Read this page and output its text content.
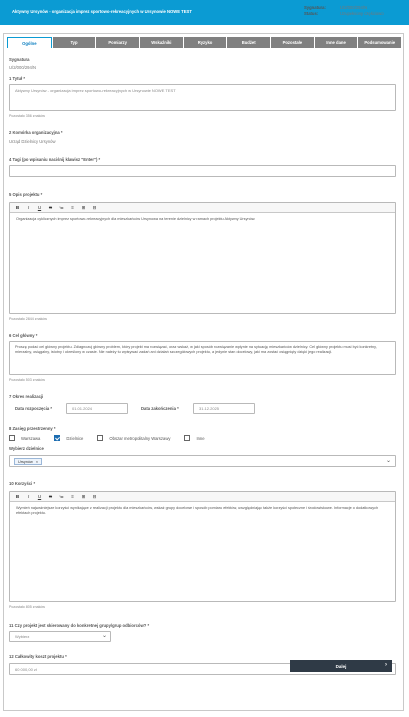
Aktywny Ursynów - organizacja imprez sportowo-rekreacyjnych w Ursynowie NOWE TEST
Sygnatura:	U/2/000/294/N
Status:	Uzupełniony częściowo
Ogólne	Typ	Pomiarzy	Wskaźniki	Ryzyko	Budżet	Pozostałe	Inne dane	Podsumowanie
Sygnatura
U/2/000/294/N
1 Tytuł *
Aktywny Ursynów - organizacja imprez sportowo-rekreacyjnych w Ursynowie NOWE TEST
Pozostało 356 znaków
2 Komórka organizacyjna *
Urząd Dzielnicy Ursynów
4 Tagi (po wpisaniu naciśnij klawisz "Enter") *
5 Opis projektu *
B	I	U	S	≔	≡	⊞	⊟
Organizacja cyklicznych imprez sportowo-rekreacyjnych dla mieszkańców Ursynowa na terenie dzielnicy w ramach projektu Aktywny Ursynów.
Pozostało 2844 znaków
6 Cel główny *
Proszę podać cel główny projektu. Zdiagnozuj główny problem, który projekt ma rozwiązać, oraz wskaż, w jaki sposób rozwiązanie wpłynie na sytuację mieszkańców dzielnicy. Cel główny projektu musi być konkretny, mierzalny, osiągalny, istotny i określony w czasie. Nie należy tu wpisywać zadań ani działań szczegółowych projektu, a jedynie stan docelowy, jaki ma zostać osiągnięty dzięki jego realizacji.
Pozostało 503 znaków
7 Okres realizacji
Data rozpoczęcia *	01.01.2024	Data zakończenia *	31.12.2025
8 Zasięg przestrzenny *
Warszawa	Dzielnice	Obszar metropolitalny Warszawy	Inne
Wybierz dzielnice
Ursynów ×	⌄
10 Korzyści *
B	I	U	S	≔	≡	⊞	⊟
Wymień najważniejsze korzyści wynikające z realizacji projektu dla mieszkańców, wskaż grupy docelowe i sposób pomiaru efektów, uwzględniając także korzyści społeczne i środowiskowe. Informacje o dodatkowych efektach projektu.
Pozostało 805 znaków
11 Czy projekt jest skierowany do konkretnej grupy/grup odbiorców? *
Wybierz	⌄
12 Całkowity koszt projektu *
60 000,00 zł
Dalej	›
